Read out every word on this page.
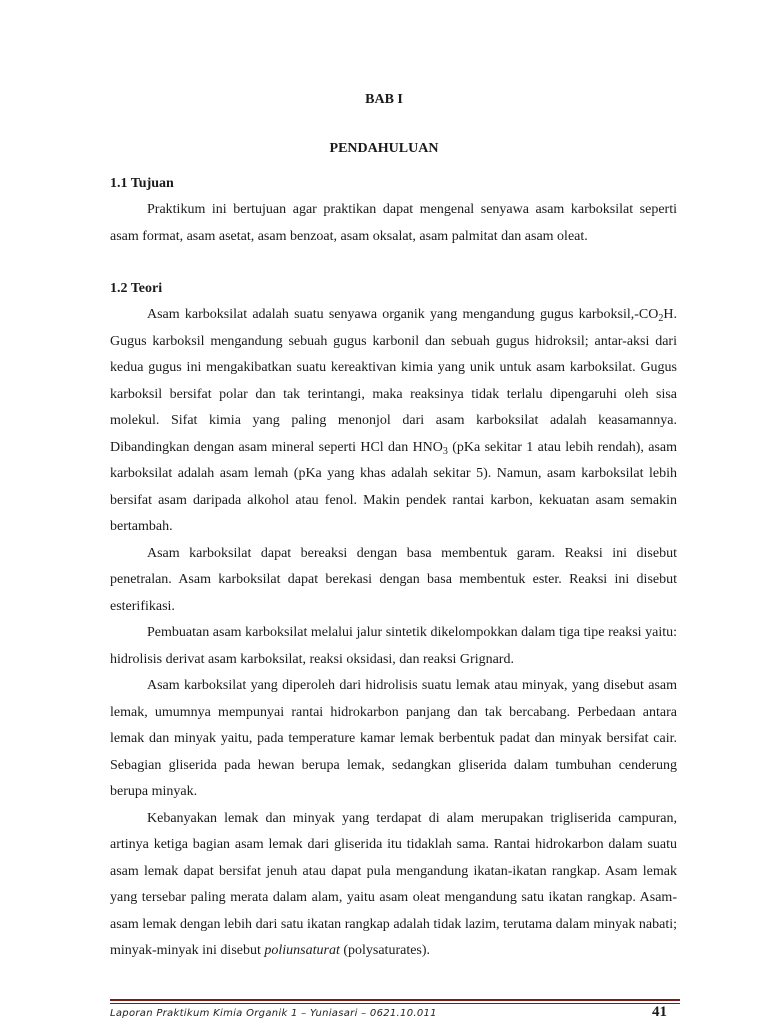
BAB I
PENDAHULUAN
1.1 Tujuan

Praktikum ini bertujuan agar praktikan dapat mengenal senyawa asam karboksilat seperti asam format, asam asetat, asam benzoat, asam oksalat, asam palmitat dan asam oleat.

1.2 Teori

Asam karboksilat adalah suatu senyawa organik yang mengandung gugus $karboksil,-CO_2H$. Gugus karboksil mengandung sebuah gugus karbonil dan sebuah gugus hidroksil; antar-aksi dari kedua gugus ini mengakibatkan suatu kereaktivan kimia yang unik untuk asam karboksilat. Gugus karboksil bersifat polar dan tak terintangi, maka reaksinya tidak terlalu dipengaruhi oleh sisa molekul. Sifat kimia yang paling menonjol dari asam karboksilat adalah keasamannya. Dibandingkan dengan asam mineral seperti HCl dan $HNO_3$ (pKa sekitar 1 atau lebih rendah), asam karboksilat adalah asam lemah (pKa yang khas adalah sekitar 5). Namun, asam karboksilat lebih bersifat asam daripada alkohol atau fenol. Makin pendek rantai karbon, kekuatan asam semakin bertambah.

Asam karboksilat dapat bereaksi dengan basa membentuk garam. Reaksi ini disebut penetralan. Asam karboksilat dapat berekasi dengan basa membentuk ester. Reaksi ini disebut esterifikasi.

Pembuatan asam karboksilat melalui jalur sintetik dikelompokkan dalam tiga tipe reaksi yaitu: hidrolisis derivat asam karboksilat, reaksi oksidasi, dan reaksi Grignard.

Asam karboksilat yang diperoleh dari hidrolisis suatu lemak atau minyak, yang disebut asam lemak, umumnya mempunyai rantai hidrokarbon panjang dan tak bercabang. Perbedaan antara lemak dan minyak yaitu, pada temperature kamar lemak berbentuk padat dan minyak bersifat cair. Sebagian gliserida pada hewan berupa lemak, sedangkan gliserida dalam tumbuhan cenderung berupa minyak.

Kebanyakan lemak dan minyak yang terdapat di alam merupakan trigliserida campuran, artinya ketiga bagian asam lemak dari gliserida itu tidaklah sama. Rantai hidrokarbon dalam suatu asam lemak dapat bersifat jenuh atau dapat pula mengandung ikatan-ikatan rangkap. Asam lemak yang tersebar paling merata dalam alam, yaitu asam oleat mengandung satu ikatan rangkap. Asam-asam lemak dengan lebih dari satu ikatan rangkap adalah tidak lazim, terutama dalam minyak nabati; minyak-minyak ini disebut poliunsaturat (polysaturates).

Laporan Praktikum Kimia Organik 1 – Yuniasari – 0621.10.011	41
